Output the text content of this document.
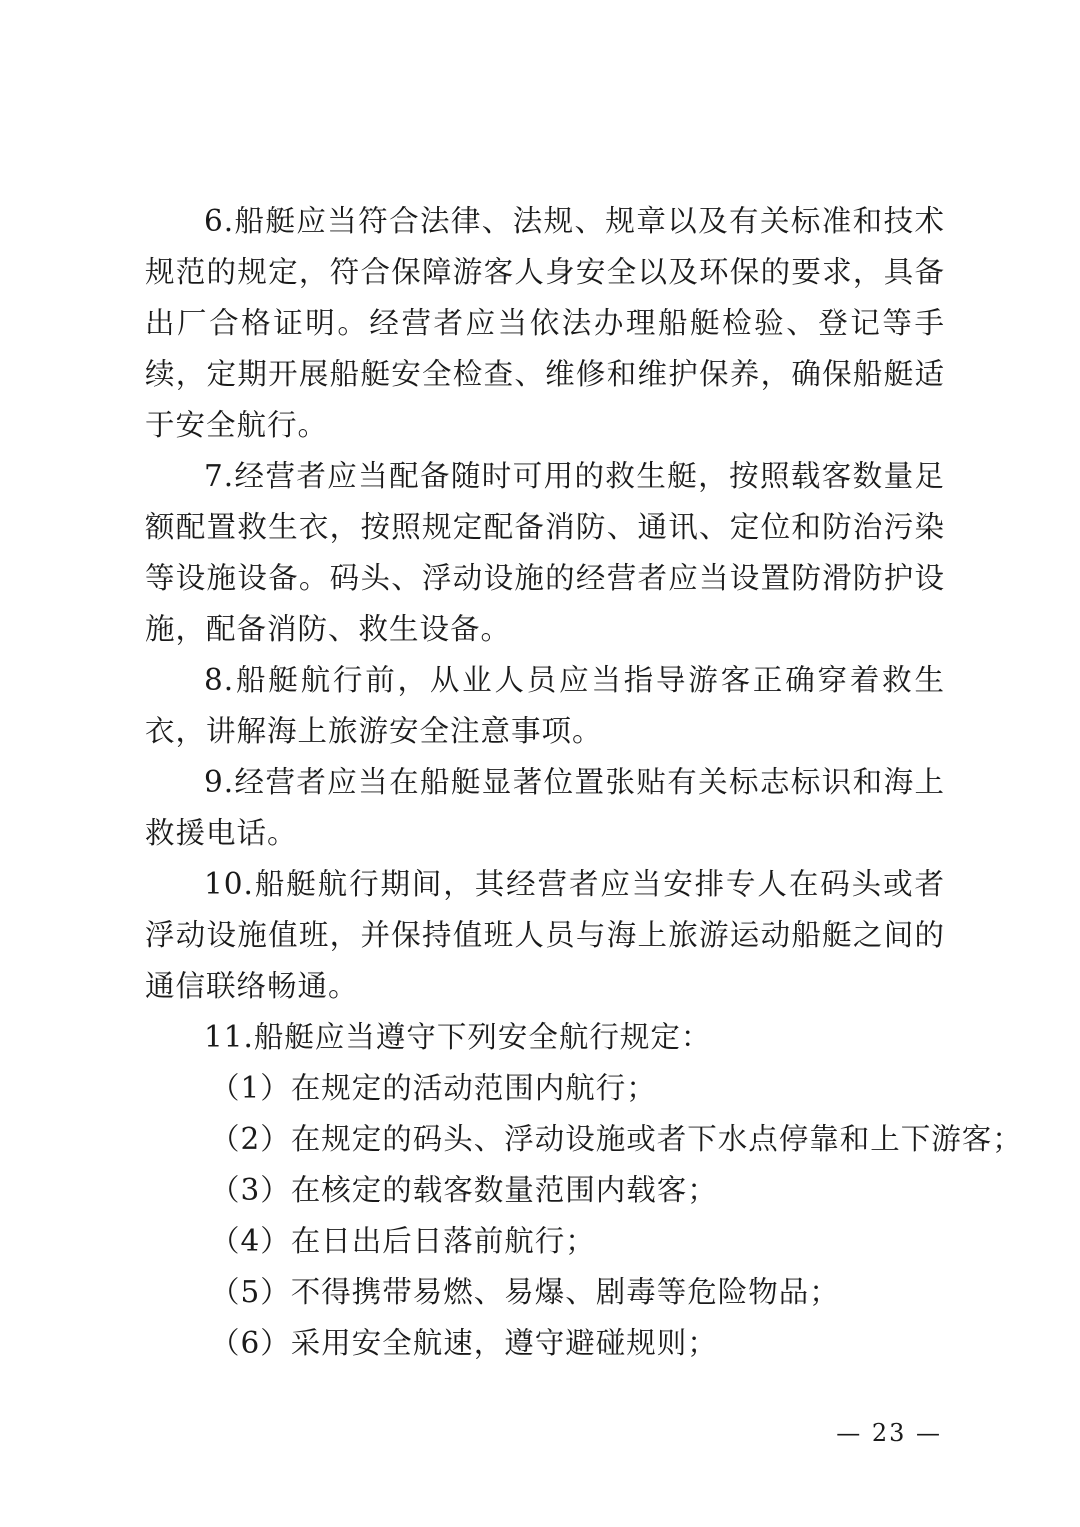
6.船艇应当符合法律、法规、规章以及有关标准和技术规范的规定，符合保障游客人身安全以及环保的要求，具备出厂合格证明。经营者应当依法办理船艇检验、登记等手续，定期开展船艇安全检查、维修和维护保养，确保船艇适于安全航行。

7.经营者应当配备随时可用的救生艇，按照载客数量足额配置救生衣，按照规定配备消防、通讯、定位和防治污染等设施设备。码头、浮动设施的经营者应当设置防滑防护设施，配备消防、救生设备。

8.船艇航行前，从业人员应当指导游客正确穿着救生衣，讲解海上旅游安全注意事项。

9.经营者应当在船艇显著位置张贴有关标志标识和海上救援电话。

10.船艇航行期间，其经营者应当安排专人在码头或者浮动设施值班，并保持值班人员与海上旅游运动船艇之间的通信联络畅通。

11.船艇应当遵守下列安全航行规定：

（1）在规定的活动范围内航行；

（2）在规定的码头、浮动设施或者下水点停靠和上下游客；

（3）在核定的载客数量范围内载客；

（4）在日出后日落前航行；

（5）不得携带易燃、易爆、剧毒等危险物品；

（6）采用安全航速，遵守避碰规则；

— 23 —
